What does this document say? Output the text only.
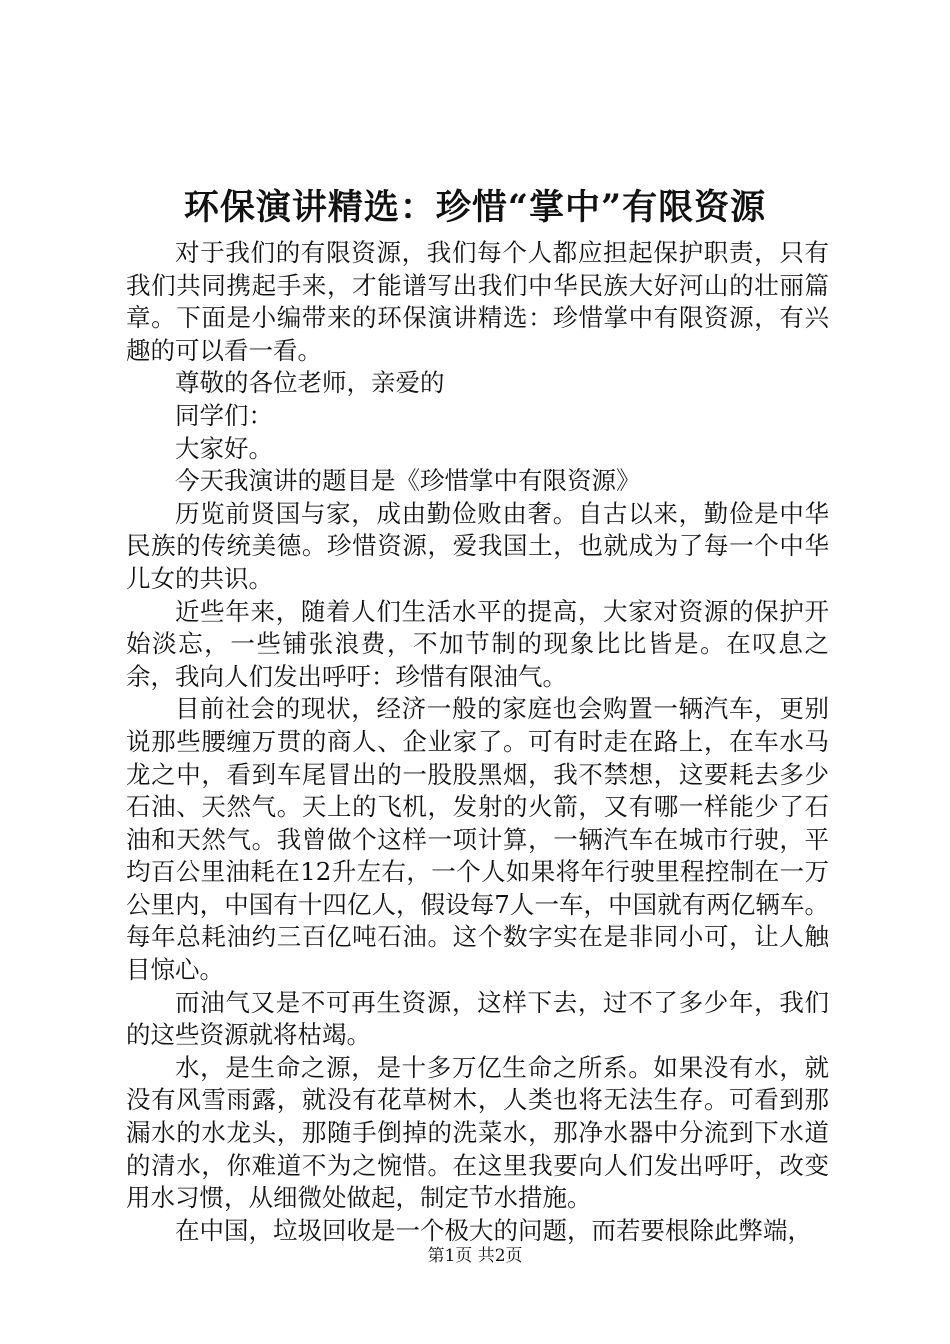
环保演讲精选：珍惜“掌中”有限资源

对于我们的有限资源，我们每个人都应担起保护职责，只有我们共同携起手来，才能谱写出我们中华民族大好河山的壮丽篇章。下面是小编带来的环保演讲精选：珍惜掌中有限资源，有兴趣的可以看一看。

尊敬的各位老师，亲爱的

同学们：

大家好。

今天我演讲的题目是《珍惜掌中有限资源》

历览前贤国与家，成由勤俭败由奢。自古以来，勤俭是中华民族的传统美德。珍惜资源，爱我国土，也就成为了每一个中华儿女的共识。

近些年来，随着人们生活水平的提高，大家对资源的保护开始淡忘，一些铺张浪费，不加节制的现象比比皆是。在叹息之余，我向人们发出呼吁：珍惜有限油气。

目前社会的现状，经济一般的家庭也会购置一辆汽车，更别说那些腰缠万贯的商人、企业家了。可有时走在路上，在车水马龙之中，看到车尾冒出的一股股黑烟，我不禁想，这要耗去多少石油、天然气。天上的飞机，发射的火箭，又有哪一样能少了石油和天然气。我曾做个这样一项计算，一辆汽车在城市行驶，平均百公里油耗在12升左右，一个人如果将年行驶里程控制在一万公里内，中国有十四亿人，假设每7人一车，中国就有两亿辆车。每年总耗油约三百亿吨石油。这个数字实在是非同小可，让人触目惊心。

而油气又是不可再生资源，这样下去，过不了多少年，我们的这些资源就将枯竭。

水，是生命之源，是十多万亿生命之所系。如果没有水，就没有风雪雨露，就没有花草树木，人类也将无法生存。可看到那漏水的水龙头，那随手倒掉的洗菜水，那净水器中分流到下水道的清水，你难道不为之惋惜。在这里我要向人们发出呼吁，改变用水习惯，从细微处做起，制定节水措施。

在中国，垃圾回收是一个极大的问题，而若要根除此弊端，

第1页 共2页
